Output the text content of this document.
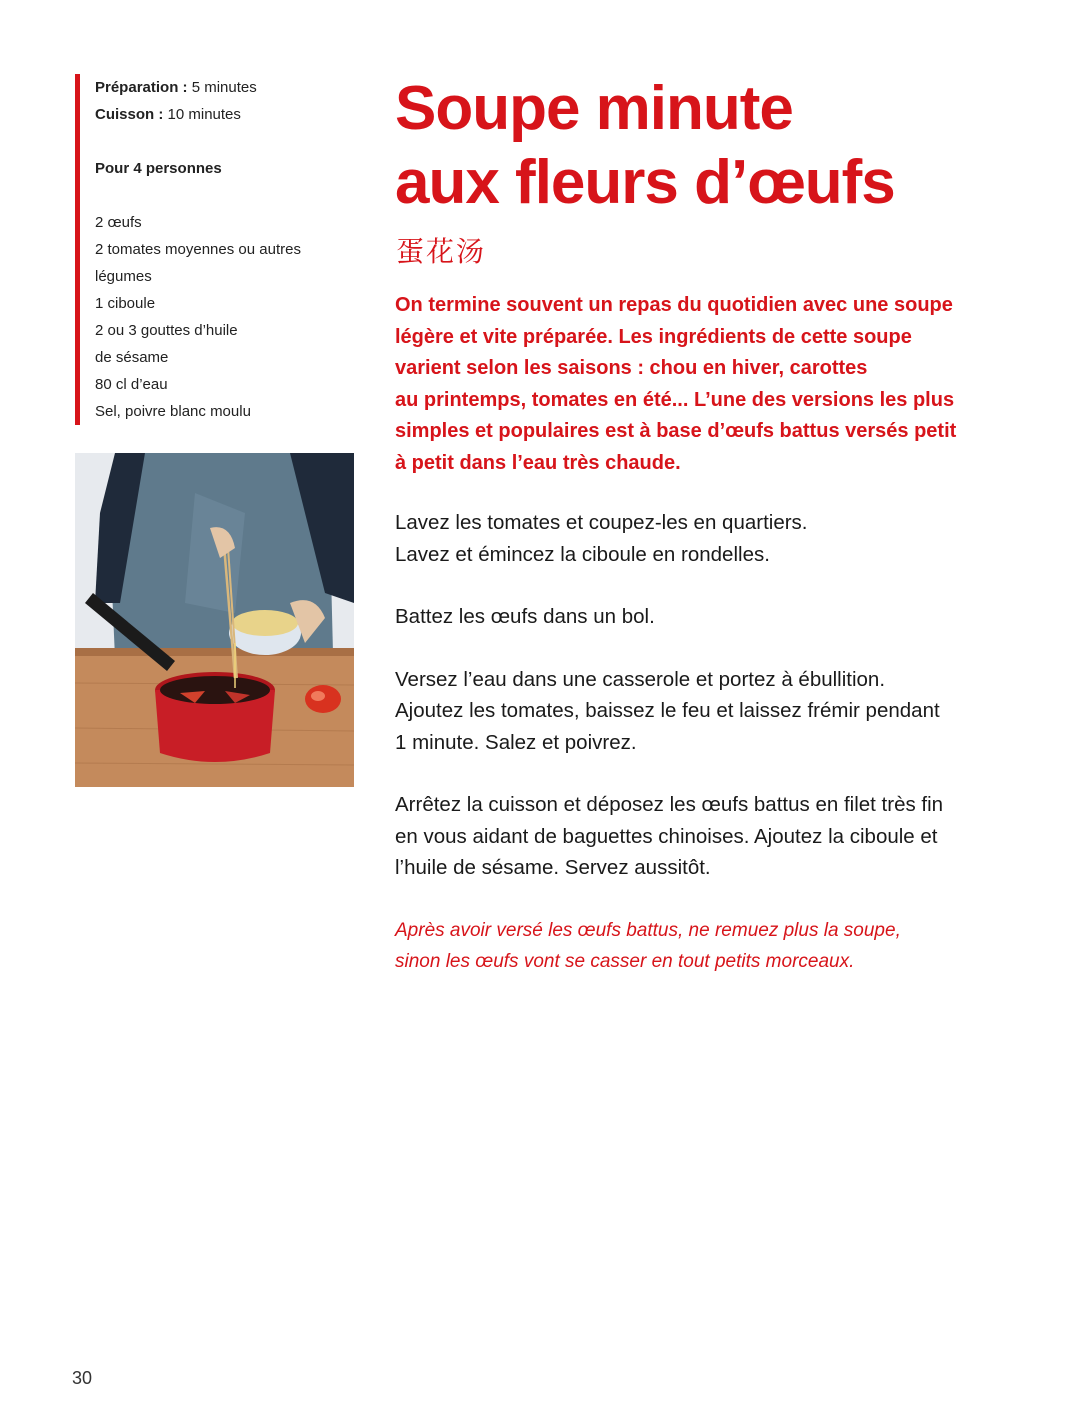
Préparation : 5 minutes
Cuisson : 10 minutes
Pour 4 personnes
2 œufs
2 tomates moyennes ou autres
légumes
1 ciboule
2 ou 3 gouttes d’huile
de sésame
80 cl d’eau
Sel, poivre blanc moulu
Soupe minute
aux fleurs d’œufs
蛋花汤

On termine souvent un repas du quotidien avec une soupe
légère et vite préparée. Les ingrédients de cette soupe
varient selon les saisons : chou en hiver, carottes
au printemps, tomates en été... L’une des versions les plus
simples et populaires est à base d’œufs battus versés petit
à petit dans l’eau très chaude.

Lavez les tomates et coupez-les en quartiers.
Lavez et émincez la ciboule en rondelles.

Battez les œufs dans un bol.

Versez l’eau dans une casserole et portez à ébullition.
Ajoutez les tomates, baissez le feu et laissez frémir pendant
1 minute. Salez et poivrez.

Arrêtez la cuisson et déposez les œufs battus en filet très fin
en vous aidant de baguettes chinoises. Ajoutez la ciboule et
l’huile de sésame. Servez aussitôt.

Après avoir versé les œufs battus, ne remuez plus la soupe,
sinon les œufs vont se casser en tout petits morceaux.

30
